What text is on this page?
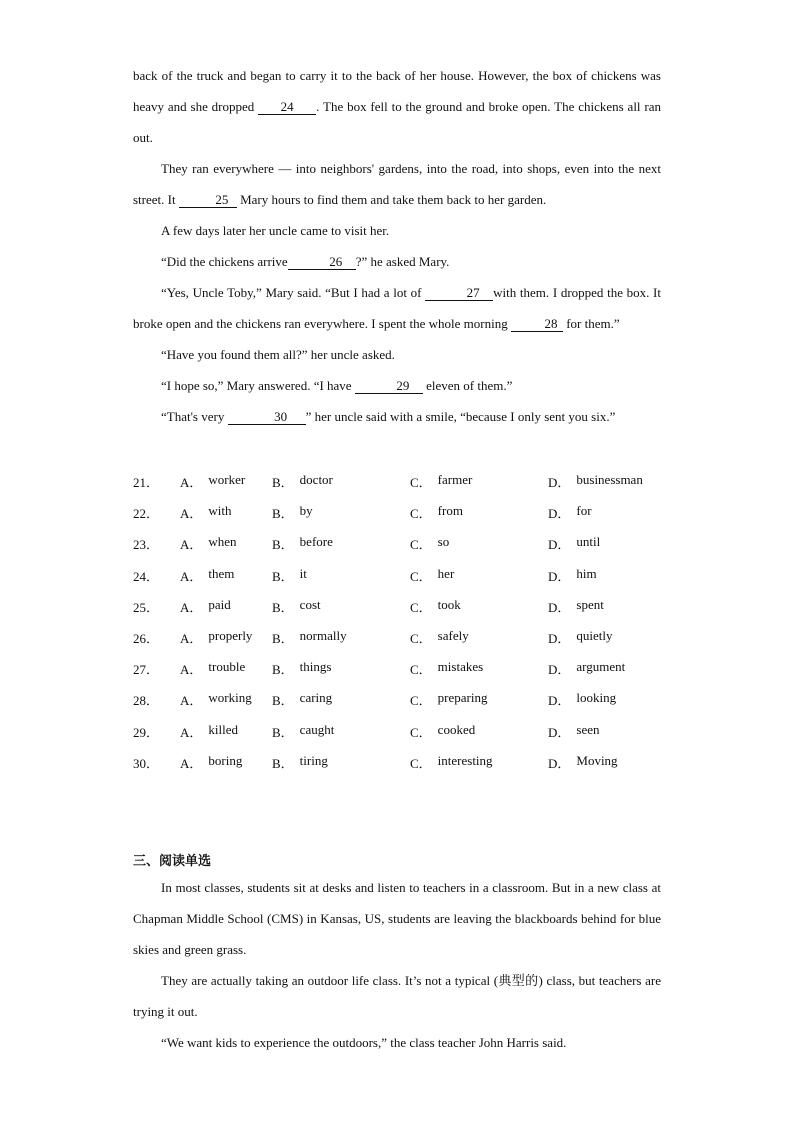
back of the truck and began to carry it to the back of her house. However, the box of chickens was heavy and she dropped 24 . The box fell to the ground and broke open. The chickens all ran out.

They ran everywhere — into neighbors' gardens, into the road, into shops, even into the next street. It	25 Mary hours to find them and take them back to her garden.

A few days later her uncle came to visit her.

“Did the chickens arrive	26 ?” he asked Mary.

“Yes, Uncle Toby,” Mary said. “But I had a lot of	27 with them. I dropped the box. It broke open and the chickens ran everywhere. I spent the whole morning	28 for them.”

“Have you found them all?” her uncle asked.

“I hope so,” Mary answered. “I have	29 eleven of them.”

“That's very	30 ” her uncle said with a smile, “because I only sent you six.”

21．	A． worker B． doctor	C． farmer	D． businessman
22．	A． with	B． by	C． from	D． for
23．	A． when	B． before	C． so	D． until
24．	A． them	B． it	C． her	D． him
25．	A． paid	B． cost	C． took	D． spent
26．	A． properly B． normally	C． safely	D． quietly
27．	A． trouble B． things	C． mistakes	D． argument
28．	A． working B． caring	C． preparing	D． looking
29．	A． killed	B． caught	C． cooked	D． seen
30．	A． boring B． tiring	C． interesting	D． Moving
三、阅读单选

In most classes, students sit at desks and listen to teachers in a classroom. But in a new class at Chapman Middle School (CMS) in Kansas, US, students are leaving the blackboards behind for blue skies and green grass.

They are actually taking an outdoor life class. It’s not a typical (典型的) class, but teachers are trying it out.

“We want kids to experience the outdoors,” the class teacher John Harris said.
